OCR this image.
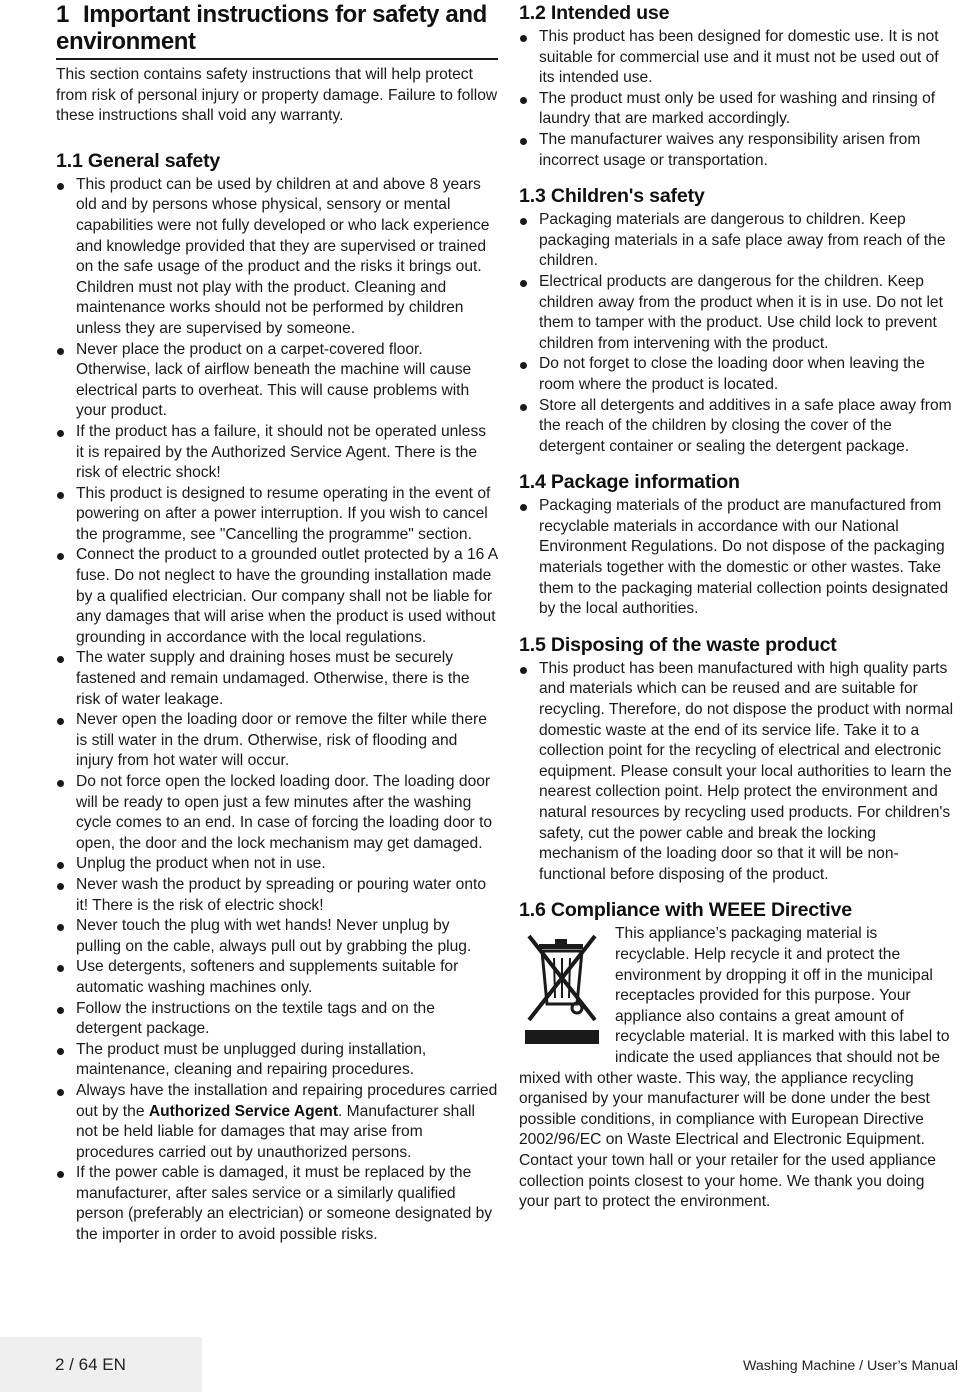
1 Important instructions for safety and environment

This section contains safety instructions that will help protect from risk of personal injury or property damage. Failure to follow these instructions shall void any warranty.

1.1 General safety
This product can be used by children at and above 8 years old and by persons whose physical, sensory or mental capabilities were not fully developed or who lack experience and knowledge provided that they are supervised or trained on the safe usage of the product and the risks it brings out. Children must not play with the product. Cleaning and maintenance works should not be performed by children unless they are supervised by someone.
Never place the product on a carpet-covered floor. Otherwise, lack of airflow beneath the machine will cause electrical parts to overheat. This will cause problems with your product.
If the product has a failure, it should not be operated unless it is repaired by the Authorized Service Agent. There is the risk of electric shock!
This product is designed to resume operating in the event of powering on after a power interruption. If you wish to cancel the programme, see "Cancelling the programme" section.
Connect the product to a grounded outlet protected by a 16 A fuse. Do not neglect to have the grounding installation made by a qualified electrician. Our company shall not be liable for any damages that will arise when the product is used without grounding in accordance with the local regulations.
The water supply and draining hoses must be securely fastened and remain undamaged. Otherwise, there is the risk of water leakage.
Never open the loading door or remove the filter while there is still water in the drum. Otherwise, risk of flooding and injury from hot water will occur.
Do not force open the locked loading door. The loading door will be ready to open just a few minutes after the washing cycle comes to an end. In case of forcing the loading door to open, the door and the lock mechanism may get damaged.
Unplug the product when not in use.
Never wash the product by spreading or pouring water onto it! There is the risk of electric shock!
Never touch the plug with wet hands! Never unplug by pulling on the cable, always pull out by grabbing the plug.
Use detergents, softeners and supplements suitable for automatic washing machines only.
Follow the instructions on the textile tags and on the detergent package.
The product must be unplugged during installation, maintenance, cleaning and repairing procedures.
Always have the installation and repairing procedures carried out by the Authorized Service Agent. Manufacturer shall not be held liable for damages that may arise from procedures carried out by unauthorized persons.
If the power cable is damaged, it must be replaced by the manufacturer, after sales service or a similarly qualified person (preferably an electrician) or someone designated by the importer in order to avoid possible risks.
1.2 Intended use
This product has been designed for domestic use. It is not suitable for commercial use and it must not be used out of its intended use.
The product must only be used for washing and rinsing of laundry that are marked accordingly.
The manufacturer waives any responsibility arisen from incorrect usage or transportation.
1.3 Children's safety
Packaging materials are dangerous to children. Keep packaging materials in a safe place away from reach of the children.
Electrical products are dangerous for the children. Keep children away from the product when it is in use. Do not let them to tamper with the product. Use child lock to prevent children from intervening with the product.
Do not forget to close the loading door when leaving the room where the product is located.
Store all detergents and additives in a safe place away from the reach of the children by closing the cover of the detergent container or sealing the detergent package.
1.4 Package information
Packaging materials of the product are manufactured from recyclable materials in accordance with our National Environment Regulations. Do not dispose of the packaging materials together with the domestic or other wastes. Take them to the packaging material collection points designated by the local authorities.
1.5 Disposing of the waste product
This product has been manufactured with high quality parts and materials which can be reused and are suitable for recycling. Therefore, do not dispose the product with normal domestic waste at the end of its service life. Take it to a collection point for the recycling of electrical and electronic equipment. Please consult your local authorities to learn the nearest collection point. Help protect the environment and natural resources by recycling used products. For children's safety, cut the power cable and break the locking mechanism of the loading door so that it will be non-functional before disposing of the product.
1.6 Compliance with WEEE Directive
This appliance’s packaging material is recyclable. Help recycle it and protect the environment by dropping it off in the municipal receptacles provided for this purpose. Your appliance also contains a great amount of recyclable material. It is marked with this label to indicate the used appliances that should not be mixed with other waste. This way, the appliance recycling organised by your manufacturer will be done under the best possible conditions, in compliance with European Directive 2002/96/EC on Waste Electrical and Electronic Equipment. Contact your town hall or your retailer for the used appliance collection points closest to your home. We thank you doing your part to protect the environment.
2 / 64 EN	Washing Machine / User’s Manual
